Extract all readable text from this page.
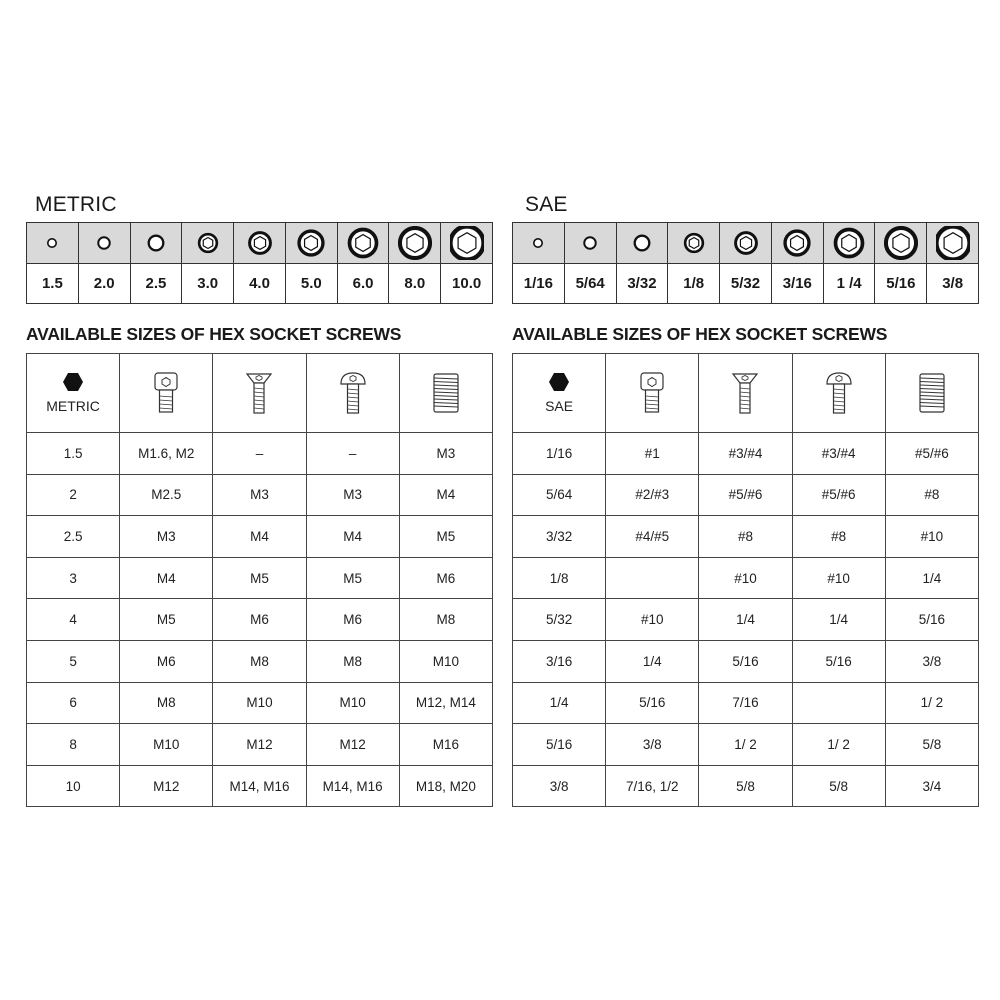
METRIC
1.5	2.0	2.5	3.0	4.0	5.0	6.0	8.0	10.0
AVAILABLE SIZES OF HEX SOCKET SCREWS
METRIC

1.5	M1.6, M2	–	–	M3
2	M2.5	M3	M3	M4
2.5	M3	M4	M4	M5
3	M4	M5	M5	M6
4	M5	M6	M6	M8
5	M6	M8	M8	M10
6	M8	M10	M10	M12, M14
8	M10	M12	M12	M16
10	M12	M14, M16	M14, M16	M18, M20
SAE
1/16	5/64	3/32	1/8	5/32	3/16	1 /4	5/16	3/8
AVAILABLE SIZES OF HEX SOCKET SCREWS
SAE

1/16	#1	#3/#4	#3/#4	#5/#6
5/64	#2/#3	#5/#6	#5/#6	#8
3/32	#4/#5	#8	#8	#10
1/8		#10	#10	1/4
5/32	#10	1/4	1/4	5/16
3/16	1/4	5/16	5/16	3/8
1/4	5/16	7/16		1/ 2
5/16	3/8	1/ 2	1/ 2	5/8
3/8	7/16, 1/2	5/8	5/8	3/4
